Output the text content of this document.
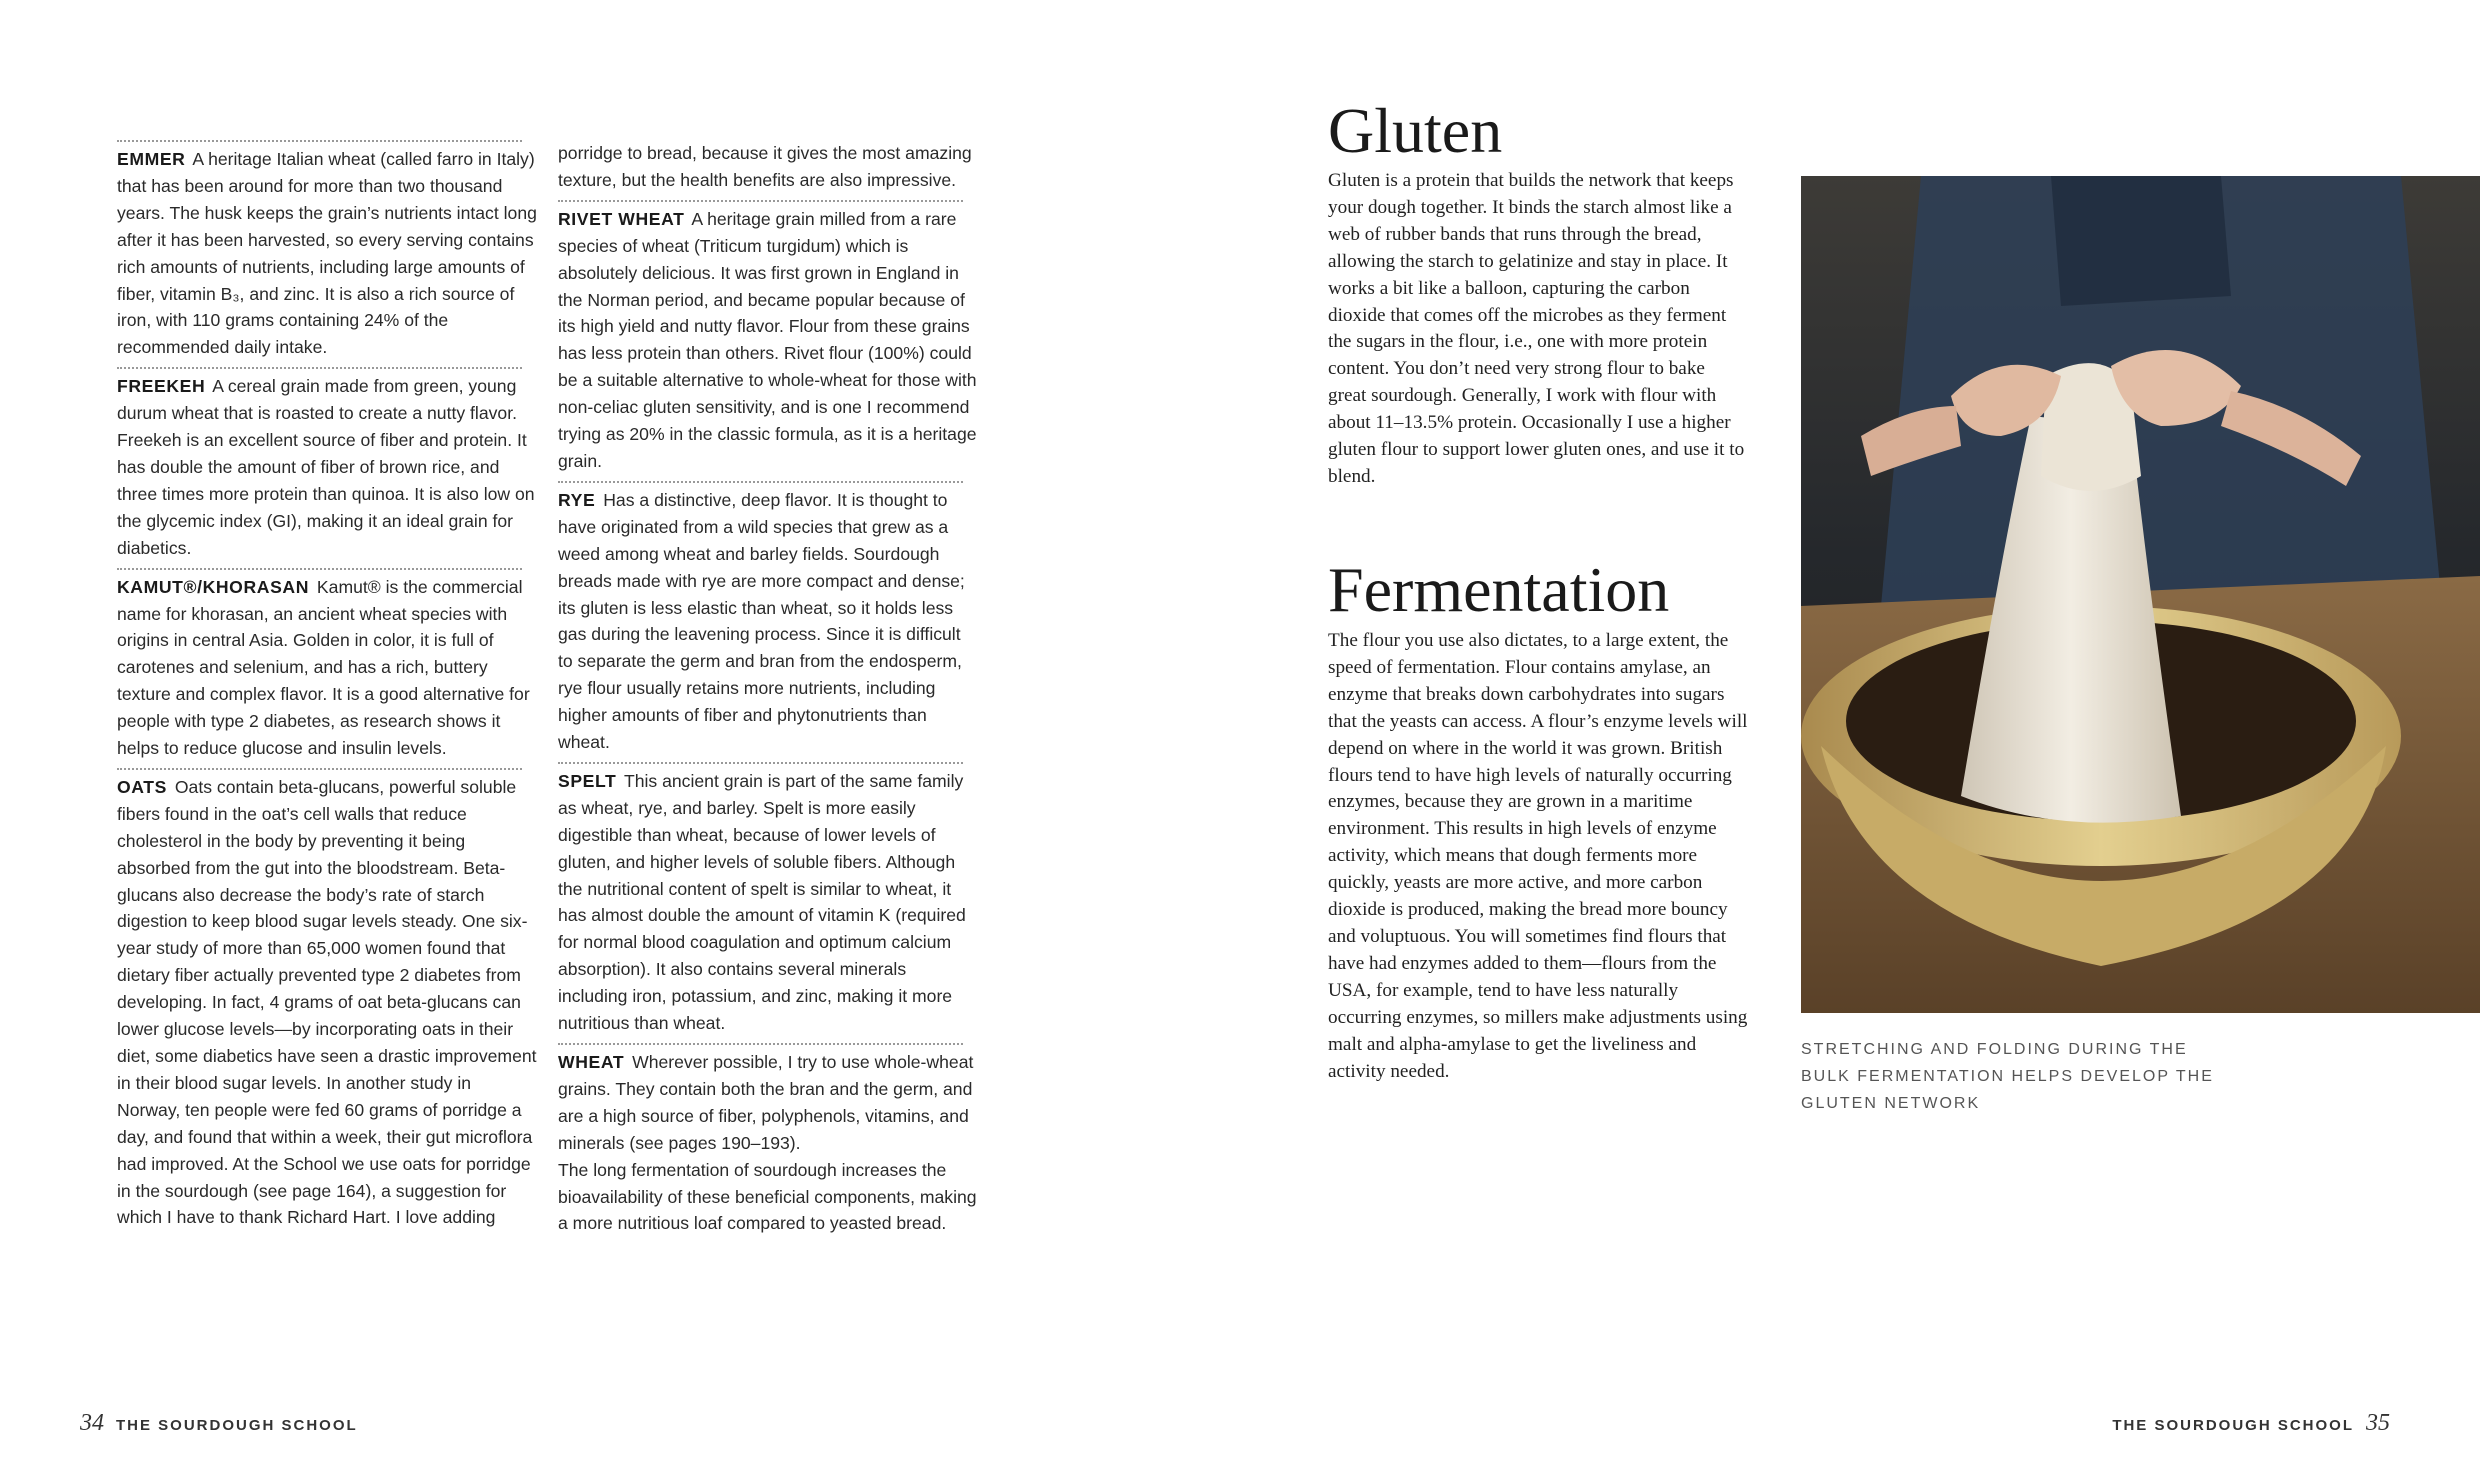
EMMER A heritage Italian wheat (called farro in Italy) that has been around for more than two thousand years. The husk keeps the grain’s nutrients intact long after it has been harvested, so every serving contains rich amounts of nutrients, including large amounts of fiber, vitamin B₃, and zinc. It is also a rich source of iron, with 110 grams containing 24% of the recommended daily intake.

FREEKEH A cereal grain made from green, young durum wheat that is roasted to create a nutty flavor. Freekeh is an excellent source of fiber and protein. It has double the amount of fiber of brown rice, and three times more protein than quinoa. It is also low on the glycemic index (GI), making it an ideal grain for diabetics.

KAMUT®/KHORASAN Kamut® is the commercial name for khorasan, an ancient wheat species with origins in central Asia. Golden in color, it is full of carotenes and selenium, and has a rich, buttery texture and complex flavor. It is a good alternative for people with type 2 diabetes, as research shows it helps to reduce glucose and insulin levels.

OATS Oats contain beta-glucans, powerful soluble fibers found in the oat’s cell walls that reduce cholesterol in the body by preventing it being absorbed from the gut into the bloodstream. Beta-glucans also decrease the body’s rate of starch digestion to keep blood sugar levels steady. One six-year study of more than 65,000 women found that dietary fiber actually prevented type 2 diabetes from developing. In fact, 4 grams of oat beta-glucans can lower glucose levels—by incorporating oats in their diet, some diabetics have seen a drastic improvement in their blood sugar levels. In another study in Norway, ten people were fed 60 grams of porridge a day, and found that within a week, their gut microflora had improved. At the School we use oats for porridge in the sourdough (see page 164), a suggestion for which I have to thank Richard Hart. I love adding

porridge to bread, because it gives the most amazing texture, but the health benefits are also impressive.

RIVET WHEAT A heritage grain milled from a rare species of wheat (Triticum turgidum) which is absolutely delicious. It was first grown in England in the Norman period, and became popular because of its high yield and nutty flavor. Flour from these grains has less protein than others. Rivet flour (100%) could be a suitable alternative to whole-wheat for those with non-celiac gluten sensitivity, and is one I recommend trying as 20% in the classic formula, as it is a heritage grain.

RYE Has a distinctive, deep flavor. It is thought to have originated from a wild species that grew as a weed among wheat and barley fields. Sourdough breads made with rye are more compact and dense; its gluten is less elastic than wheat, so it holds less gas during the leavening process. Since it is difficult to separate the germ and bran from the endosperm, rye flour usually retains more nutrients, including higher amounts of fiber and phytonutrients than wheat.

SPELT This ancient grain is part of the same family as wheat, rye, and barley. Spelt is more easily digestible than wheat, because of lower levels of gluten, and higher levels of soluble fibers. Although the nutritional content of spelt is similar to wheat, it has almost double the amount of vitamin K (required for normal blood coagulation and optimum calcium absorption). It also contains several minerals including iron, potassium, and zinc, making it more nutritious than wheat.

WHEAT Wherever possible, I try to use whole-wheat grains. They contain both the bran and the germ, and are a high source of fiber, polyphenols, vitamins, and minerals (see pages 190–193).

The long fermentation of sourdough increases the bioavailability of these beneficial components, making a more nutritious loaf compared to yeasted bread.

34 THE SOURDOUGH SCHOOL
Gluten

Gluten is a protein that builds the network that keeps your dough together. It binds the starch almost like a web of rubber bands that runs through the bread, allowing the starch to gelatinize and stay in place. It works a bit like a balloon, capturing the carbon dioxide that comes off the microbes as they ferment the sugars in the flour, i.e., one with more protein content. You don’t need very strong flour to bake great sourdough. Generally, I work with flour with about 11–13.5% protein. Occasionally I use a higher gluten flour to support lower gluten ones, and use it to blend.

Fermentation

The flour you use also dictates, to a large extent, the speed of fermentation. Flour contains amylase, an enzyme that breaks down carbohydrates into sugars that the yeasts can access. A flour’s enzyme levels will depend on where in the world it was grown. British flours tend to have high levels of naturally occurring enzymes, because they are grown in a maritime environment. This results in high levels of enzyme activity, which means that dough ferments more quickly, yeasts are more active, and more carbon dioxide is produced, making the bread more bouncy and voluptuous. You will sometimes find flours that have had enzymes added to them—flours from the USA, for example, tend to have less naturally occurring enzymes, so millers make adjustments using malt and alpha-amylase to get the liveliness and activity needed.

STRETCHING AND FOLDING DURING THE BULK FERMENTATION HELPS DEVELOP THE GLUTEN NETWORK
THE SOURDOUGH SCHOOL 35
